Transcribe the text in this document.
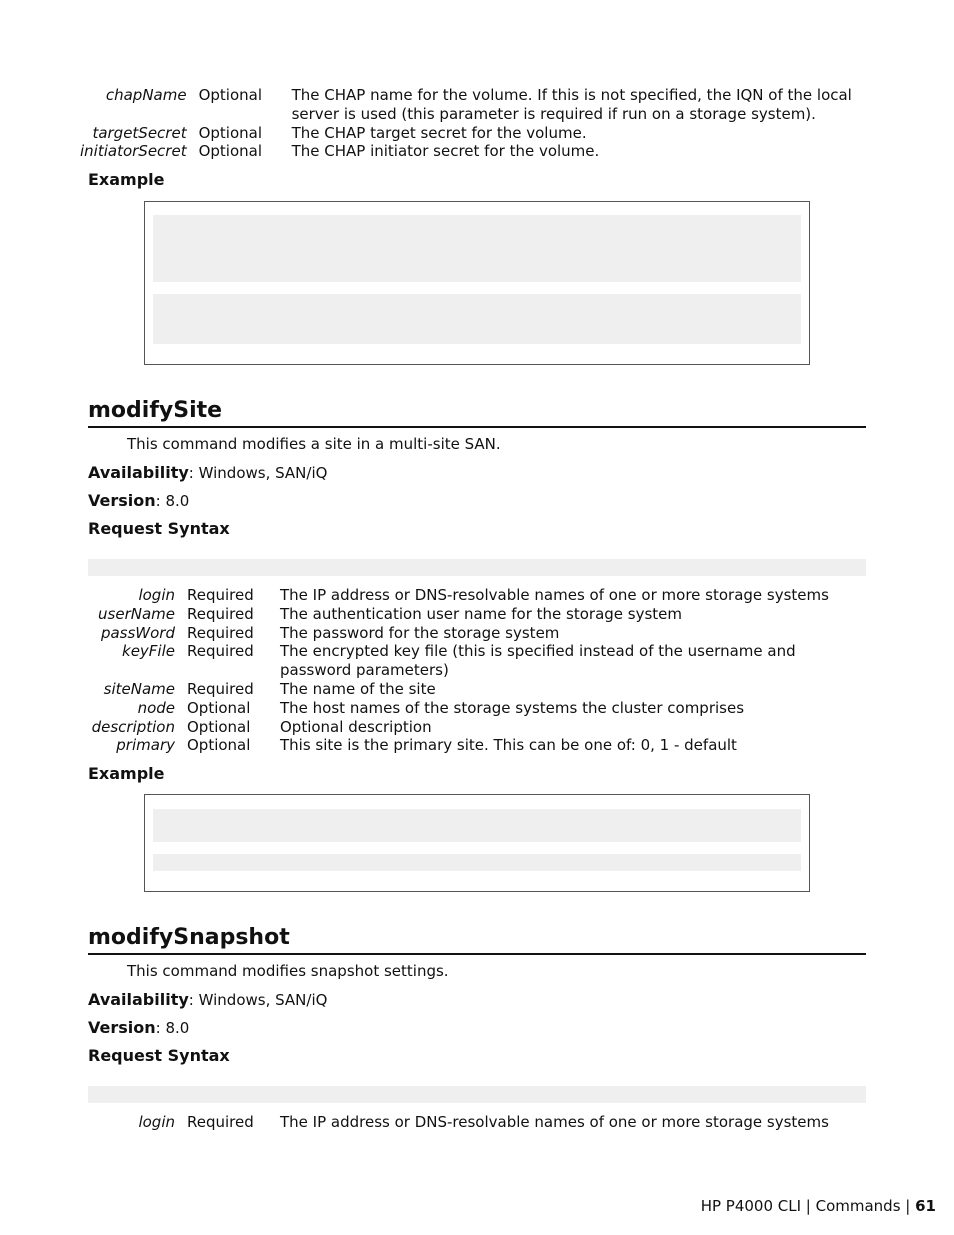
chapName	Optional	The CHAP name for the volume. If this is not specified, the IQN of the local server is used (this parameter is required if run on a storage system).
targetSecret	Optional	The CHAP target secret for the volume.
initiatorSecret	Optional	The CHAP initiator secret for the volume.
Example
modifySite
This command modifies a site in a multi-site SAN.
Availability: Windows, SAN/iQ
Version: 8.0
Request Syntax
login	Required	The IP address or DNS-resolvable names of one or more storage systems
userName	Required	The authentication user name for the storage system
passWord	Required	The password for the storage system
keyFile	Required	The encrypted key file (this is specified instead of the username and password parameters)
siteName	Required	The name of the site
node	Optional	The host names of the storage systems the cluster comprises
description	Optional	Optional description
primary	Optional	This site is the primary site. This can be one of: 0, 1 - default
Example
modifySnapshot
This command modifies snapshot settings.
Availability: Windows, SAN/iQ
Version: 8.0
Request Syntax
login	Required	The IP address or DNS-resolvable names of one or more storage systems
HP P4000 CLI | Commands | 61
